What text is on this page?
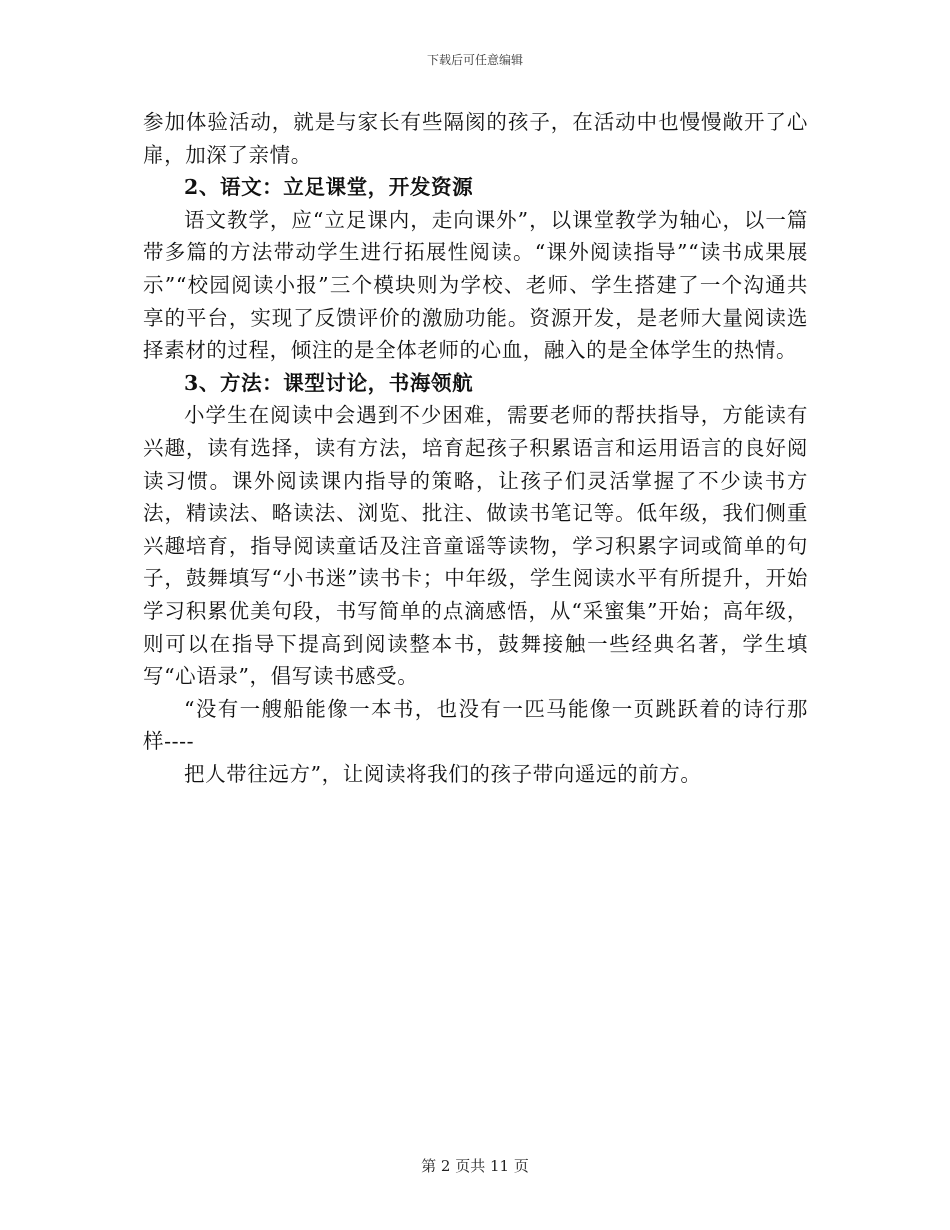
下载后可任意编辑

参加体验活动，就是与家长有些隔阂的孩子，在活动中也慢慢敞开了心扉，加深了亲情。

2、语文：立足课堂，开发资源

语文教学，应“立足课内，走向课外”，以课堂教学为轴心，以一篇带多篇的方法带动学生进行拓展性阅读。“课外阅读指导”“读书成果展示”“校园阅读小报”三个模块则为学校、老师、学生搭建了一个沟通共享的平台，实现了反馈评价的激励功能。资源开发，是老师大量阅读选择素材的过程，倾注的是全体老师的心血，融入的是全体学生的热情。

3、方法：课型讨论，书海领航

小学生在阅读中会遇到不少困难，需要老师的帮扶指导，方能读有兴趣，读有选择，读有方法，培育起孩子积累语言和运用语言的良好阅读习惯。课外阅读课内指导的策略，让孩子们灵活掌握了不少读书方法，精读法、略读法、浏览、批注、做读书笔记等。低年级，我们侧重兴趣培育，指导阅读童话及注音童谣等读物，学习积累字词或简单的句子，鼓舞填写“小书迷”读书卡；中年级，学生阅读水平有所提升，开始学习积累优美句段，书写简单的点滴感悟，从“采蜜集”开始；高年级，则可以在指导下提高到阅读整本书，鼓舞接触一些经典名著，学生填写“心语录”，倡写读书感受。

“没有一艘船能像一本书，也没有一匹马能像一页跳跃着的诗行那样----

把人带往远方”，让阅读将我们的孩子带向遥远的前方。

第 2 页共 11 页
